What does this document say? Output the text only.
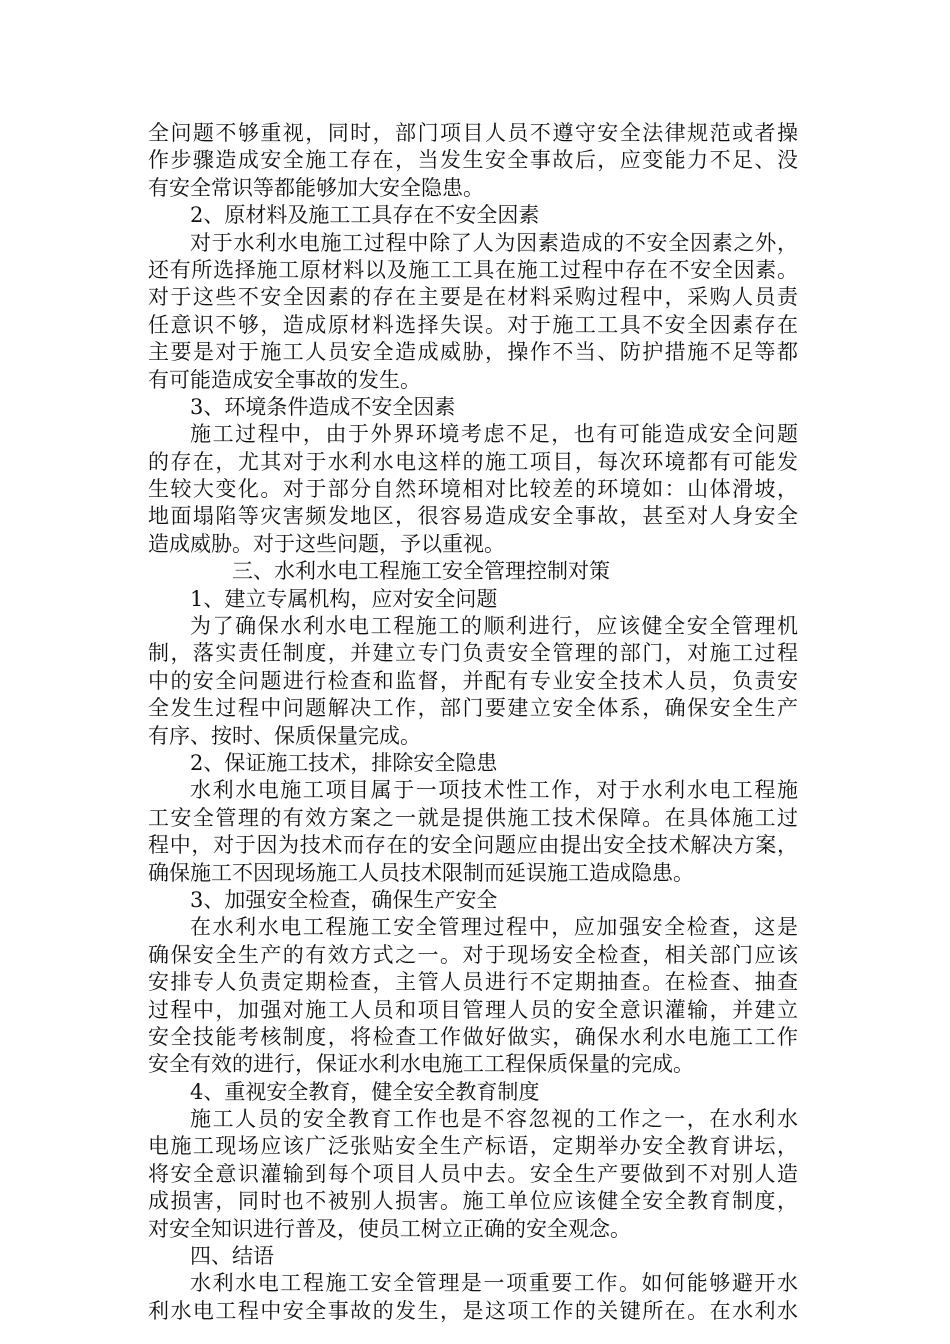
全问题不够重视，同时，部门项目人员不遵守安全法律规范或者操
作步骤造成安全施工存在，当发生安全事故后，应变能力不足、没
有安全常识等都能够加大安全隐患。
2、原材料及施工工具存在不安全因素
对于水利水电施工过程中除了人为因素造成的不安全因素之外，
还有所选择施工原材料以及施工工具在施工过程中存在不安全因素。
对于这些不安全因素的存在主要是在材料采购过程中，采购人员责
任意识不够，造成原材料选择失误。对于施工工具不安全因素存在
主要是对于施工人员安全造成威胁，操作不当、防护措施不足等都
有可能造成安全事故的发生。
3、环境条件造成不安全因素
施工过程中，由于外界环境考虑不足，也有可能造成安全问题
的存在，尤其对于水利水电这样的施工项目，每次环境都有可能发
生较大变化。对于部分自然环境相对比较差的环境如：山体滑坡，
地面塌陷等灾害频发地区，很容易造成安全事故，甚至对人身安全
造成威胁。对于这些问题，予以重视。
三、水利水电工程施工安全管理控制对策
1、建立专属机构，应对安全问题
为了确保水利水电工程施工的顺利进行，应该健全安全管理机
制，落实责任制度，并建立专门负责安全管理的部门，对施工过程
中的安全问题进行检查和监督，并配有专业安全技术人员，负责安
全发生过程中问题解决工作，部门要建立安全体系，确保安全生产
有序、按时、保质保量完成。
2、保证施工技术，排除安全隐患
水利水电施工项目属于一项技术性工作，对于水利水电工程施
工安全管理的有效方案之一就是提供施工技术保障。在具体施工过
程中，对于因为技术而存在的安全问题应由提出安全技术解决方案，
确保施工不因现场施工人员技术限制而延误施工造成隐患。
3、加强安全检查，确保生产安全
在水利水电工程施工安全管理过程中，应加强安全检查，这是
确保安全生产的有效方式之一。对于现场安全检查，相关部门应该
安排专人负责定期检查，主管人员进行不定期抽查。在检查、抽查
过程中，加强对施工人员和项目管理人员的安全意识灌输，并建立
安全技能考核制度，将检查工作做好做实，确保水利水电施工工作
安全有效的进行，保证水利水电施工工程保质保量的完成。
4、重视安全教育，健全安全教育制度
施工人员的安全教育工作也是不容忽视的工作之一，在水利水
电施工现场应该广泛张贴安全生产标语，定期举办安全教育讲坛，
将安全意识灌输到每个项目人员中去。安全生产要做到不对别人造
成损害，同时也不被别人损害。施工单位应该健全安全教育制度，
对安全知识进行普及，使员工树立正确的安全观念。
四、结语
水利水电工程施工安全管理是一项重要工作。如何能够避开水
利水电工程中安全事故的发生，是这项工作的关键所在。在水利水
